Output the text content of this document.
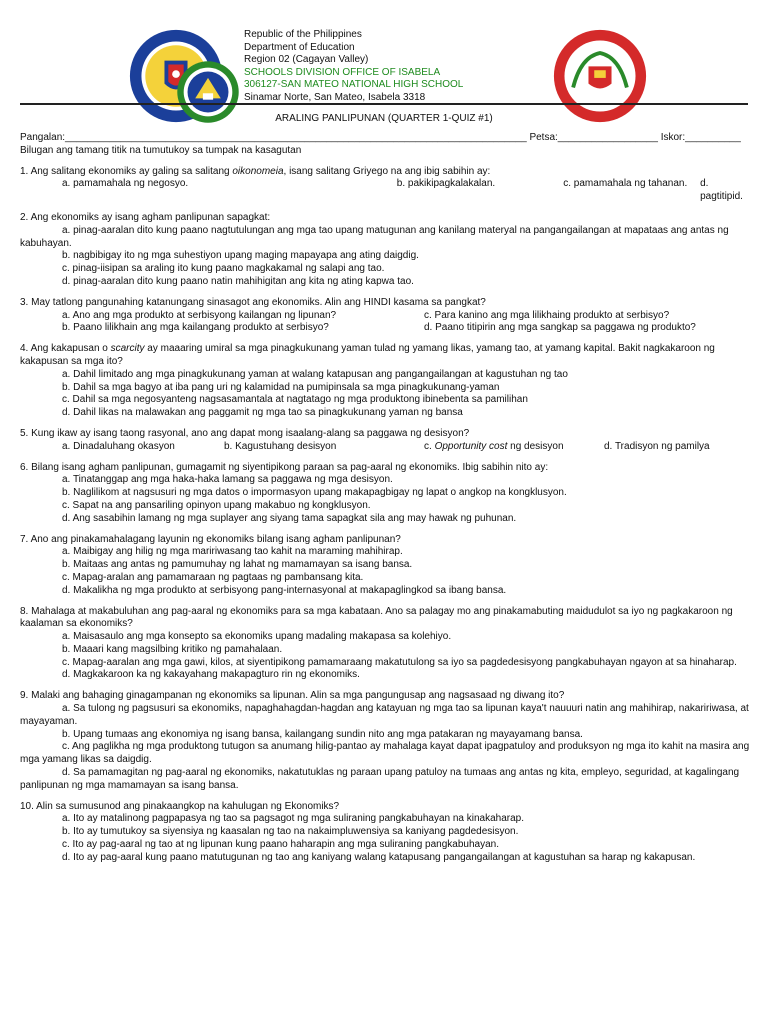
Republic of the Philippines
Department of Education
Region 02 (Cagayan Valley)
SCHOOLS DIVISION OFFICE OF ISABELA
306127-SAN MATEO NATIONAL HIGH SCHOOL
Sinamar Norte, San Mateo, Isabela 3318
ARALING PANLIPUNAN (QUARTER 1-QUIZ #1)
Pangalan:___________________________________________________________________________________ Petsa:__________________ Iskor:__________
Bilugan ang tamang titik na tumutukoy sa tumpak na kasagutan
1. Ang salitang ekonomiks ay galing sa salitang oikonomeia, isang salitang Griyego na ang ibig sabihin ay:
a. pamamahala ng negosyo.	b. pakikipagkalakalan.	c. pamamahala ng tahanan.	d. pagtitipid.
2. Ang ekonomiks ay isang agham panlipunan sapagkat:
a. pinag-aaralan dito kung paano nagtutulungan ang mga tao upang matugunan ang kanilang materyal na pangangailangan at mapataas ang antas ng kabuhayan.
b. nagbibigay ito ng mga suhestiyon upang maging mapayapa ang ating daigdig.
c. pinag-iisipan sa araling ito kung paano magkakamal ng salapi ang tao.
d. pinag-aaralan dito kung paano natin mahihigitan ang kita ng ating kapwa tao.
3. May tatlong pangunahing katanungang sinasagot ang ekonomiks. Alin ang HINDI kasama sa pangkat?
a. Ano ang mga produkto at serbisyong kailangan ng lipunan?	c. Para kanino ang mga lilikhaing produkto at serbisyo?
b. Paano lilikhain ang mga kailangang produkto at serbisyo?	d. Paano titipirin ang mga sangkap sa paggawa ng produkto?
4. Ang kakapusan o scarcity ay maaaring umiral sa mga pinagkukunang yaman tulad ng yamang likas, yamang tao, at yamang kapital. Bakit nagkakaroon ng kakapusan sa mga ito?
a. Dahil limitado ang mga pinagkukunang yaman at walang katapusan ang pangangailangan at kagustuhan ng tao
b. Dahil sa mga bagyo at iba pang uri ng kalamidad na pumipinsala sa mga pinagkukunang-yaman
c. Dahil sa mga negosyanteng nagsasamantala at nagtatago ng mga produktong ibinebenta sa pamilihan
d. Dahil likas na malawakan ang paggamit ng mga tao sa pinagkukunang yaman ng bansa
5. Kung ikaw ay isang taong rasyonal, ano ang dapat mong isaalang-alang sa paggawa ng desisyon?
a. Dinadaluhang okasyon	b. Kagustuhang desisyon	c. Opportunity cost ng desisyon	d. Tradisyon ng pamilya
6. Bilang isang agham panlipunan, gumagamit ng siyentipikong paraan sa pag-aaral ng ekonomiks. Ibig sabihin nito ay:
a. Tinatanggap ang mga haka-haka lamang sa paggawa ng mga desisyon.
b. Naglilikom at nagsusuri ng mga datos o impormasyon upang makapagbigay ng lapat o angkop na kongklusyon.
c. Sapat na ang pansariling opinyon upang makabuo ng kongklusyon.
d. Ang sasabihin lamang ng mga suplayer ang siyang tama sapagkat sila ang may hawak ng puhunan.
7. Ano ang pinakamahalagang layunin ng ekonomiks bilang isang agham panlipunan?
a. Maibigay ang hilig ng mga maririwasang tao kahit na maraming mahihirap.
b. Maitaas ang antas ng pamumuhay ng lahat ng mamamayan sa isang bansa.
c. Mapag-aralan ang pamamaraan ng pagtaas ng pambansang kita.
d. Makalikha ng mga produkto at serbisyong pang-internasyonal at makapaglingkod sa ibang bansa.
8. Mahalaga at makabuluhan ang pag-aaral ng ekonomiks para sa mga kabataan. Ano sa palagay mo ang pinakamabuting maidudulot sa iyo ng pagkakaroon ng kaalaman sa ekonomiks?
a. Maisasaulo ang mga konsepto sa ekonomiks upang madaling makapasa sa kolehiyo.
b. Maaari kang magsilbing kritiko ng pamahalaan.
c. Mapag-aaralan ang mga gawi, kilos, at siyentipikong pamamaraang makatutulong sa iyo sa pagdedesisyong pangkabuhayan ngayon at sa hinaharap.
d. Magkakaroon ka ng kakayahang makapagturo rin ng ekonomiks.
9. Malaki ang bahaging ginagampanan ng ekonomiks sa lipunan. Alin sa mga pangungusap ang nagsasaad ng diwang ito?
a. Sa tulong ng pagsusuri sa ekonomiks, napaghahagdan-hagdan ang katayuan ng mga tao sa lipunan kaya't nauuuri natin ang mahihirap, nakaririwasa, at mayayaman.
b. Upang tumaas ang ekonomiya ng isang bansa, kailangang sundin nito ang mga patakaran ng mayayamang bansa.
c. Ang paglikha ng mga produktong tutugon sa anumang hilig-pantao ay mahalaga kayat dapat ipagpatuloy and produksyon ng mga ito kahit na masira ang mga yamang likas sa daigdig.
d. Sa pamamagitan ng pag-aaral ng ekonomiks, nakatutuklas ng paraan upang patuloy na tumaas ang antas ng kita, empleyo, seguridad, at kagalingang panlipunan ng mga mamamayan sa isang bansa.
10. Alin sa sumusunod ang pinakaangkop na kahulugan ng Ekonomiks?
a. Ito ay matalinong pagpapasya ng tao sa pagsagot ng mga suliraning pangkabuhayan na kinakaharap.
b. Ito ay tumutukoy sa siyensiya ng kaasalan ng tao na nakaimpluwensiya sa kaniyang pagdedesisyon.
c. Ito ay pag-aaral ng tao at ng lipunan kung paano haharapin ang mga suliraning pangkabuhayan.
d. Ito ay pag-aaral kung paano matutugunan ng tao ang kaniyang walang katapusang pangangailangan at kagustuhan sa harap ng kakapusan.
